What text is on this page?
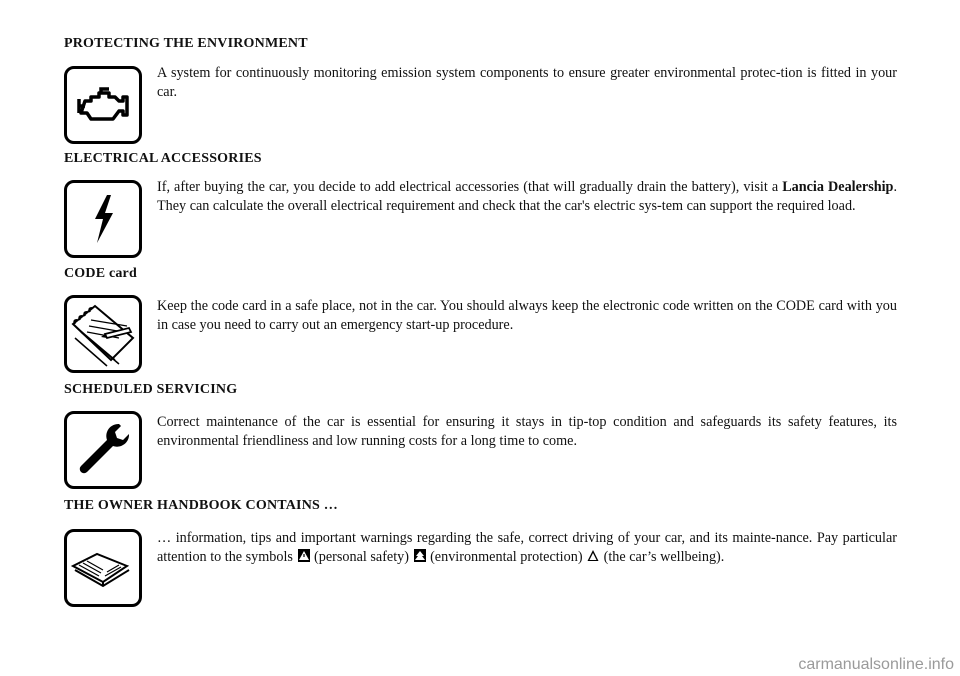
PROTECTING THE ENVIRONMENT
A system for continuously monitoring emission system components to ensure greater environmental protec-tion is fitted in your car.
ELECTRICAL ACCESSORIES
If, after buying the car, you decide to add electrical accessories (that will gradually drain the battery), visit a Lancia Dealership. They can calculate the overall electrical requirement and check that the car's electric sys-tem can support the required load.
CODE card
Keep the code card in a safe place, not in the car. You should always keep the electronic code written on the CODE card with you in case you need to carry out an emergency start-up procedure.
SCHEDULED SERVICING
Correct maintenance of the car is essential for ensuring it stays in tip-top condition and safeguards its safety features, its environmental friendliness and low running costs for a long time to come.
THE OWNER HANDBOOK CONTAINS …
… information, tips and important warnings regarding the safe, correct driving of your car, and its mainte-nance. Pay particular attention to the symbols
(personal safety)
(environmental protection)
(the car’s wellbeing).
carmanualsonline.info
